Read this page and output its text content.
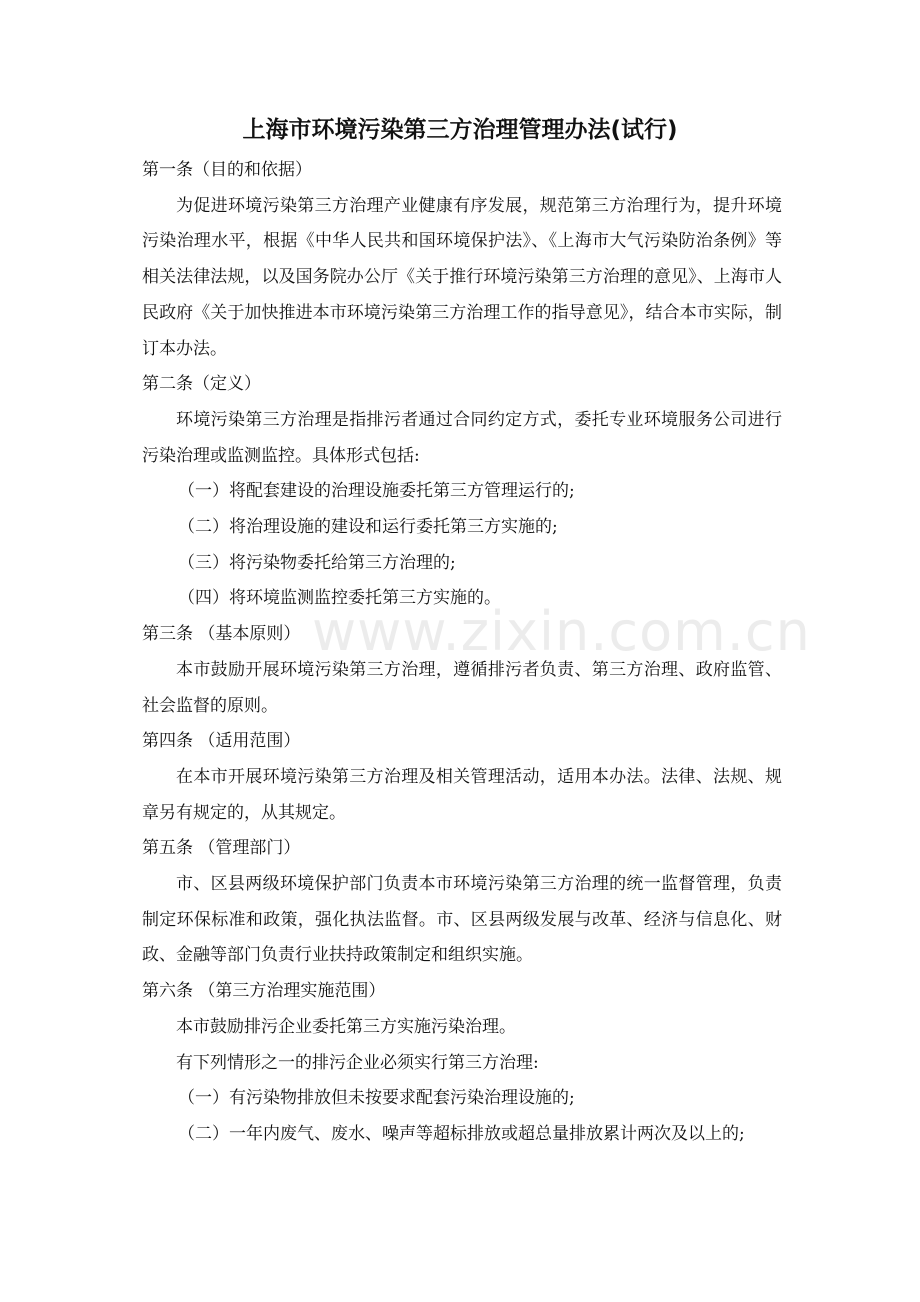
上海市环境污染第三方治理管理办法(试行)
第一条（目的和依据）
为促进环境污染第三方治理产业健康有序发展，规范第三方治理行为，提升环境污染治理水平，根据《中华人民共和国环境保护法》、《上海市大气污染防治条例》等相关法律法规，以及国务院办公厅《关于推行环境污染第三方治理的意见》、上海市人民政府《关于加快推进本市环境污染第三方治理工作的指导意见》，结合本市实际，制订本办法。
第二条（定义）
环境污染第三方治理是指排污者通过合同约定方式，委托专业环境服务公司进行污染治理或监测监控。具体形式包括:
（一）将配套建设的治理设施委托第三方管理运行的;
（二）将治理设施的建设和运行委托第三方实施的;
（三）将污染物委托给第三方治理的;
（四）将环境监测监控委托第三方实施的。
第三条 （基本原则）
本市鼓励开展环境污染第三方治理，遵循排污者负责、第三方治理、政府监管、社会监督的原则。
第四条 （适用范围）
在本市开展环境污染第三方治理及相关管理活动，适用本办法。法律、法规、规章另有规定的，从其规定。
第五条 （管理部门）
市、区县两级环境保护部门负责本市环境污染第三方治理的统一监督管理，负责制定环保标准和政策，强化执法监督。市、区县两级发展与改革、经济与信息化、财政、金融等部门负责行业扶持政策制定和组织实施。
第六条 （第三方治理实施范围）
本市鼓励排污企业委托第三方实施污染治理。
有下列情形之一的排污企业必须实行第三方治理:
（一）有污染物排放但未按要求配套污染治理设施的;
（二）一年内废气、废水、噪声等超标排放或超总量排放累计两次及以上的;
www.zixin.com.cn
